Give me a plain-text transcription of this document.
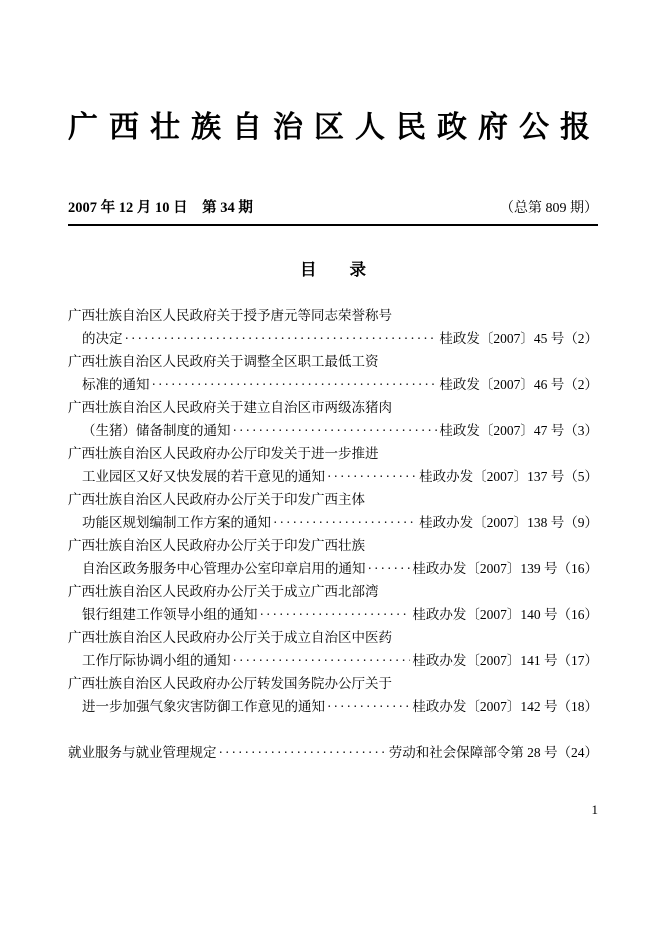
广西壮族自治区人民政府公报
2007 年 12 月 10 日　第 34 期	（总第 809 期）
目　　录
广西壮族自治区人民政府关于授予唐元等同志荣誉称号
的决定 ·····	桂政发〔2007〕45 号（2）
广西壮族自治区人民政府关于调整全区职工最低工资
标准的通知 ·····	桂政发〔2007〕46 号（2）
广西壮族自治区人民政府关于建立自治区市两级冻猪肉
（生猪）储备制度的通知 ·····	桂政发〔2007〕47 号（3）
广西壮族自治区人民政府办公厅印发关于进一步推进
工业园区又好又快发展的若干意见的通知 ·····	桂政办发〔2007〕137 号（5）
广西壮族自治区人民政府办公厅关于印发广西主体
功能区规划编制工作方案的通知 ·····	桂政办发〔2007〕138 号（9）
广西壮族自治区人民政府办公厅关于印发广西壮族
自治区政务服务中心管理办公室印章启用的通知 ·····	桂政办发〔2007〕139 号（16）
广西壮族自治区人民政府办公厅关于成立广西北部湾
银行组建工作领导小组的通知 ·····	桂政办发〔2007〕140 号（16）
广西壮族自治区人民政府办公厅关于成立自治区中医药
工作厅际协调小组的通知 ·····	桂政办发〔2007〕141 号（17）
广西壮族自治区人民政府办公厅转发国务院办公厅关于
进一步加强气象灾害防御工作意见的通知 ·····	桂政办发〔2007〕142 号（18）
就业服务与就业管理规定 ·····	劳动和社会保障部令第 28 号（24）
1
